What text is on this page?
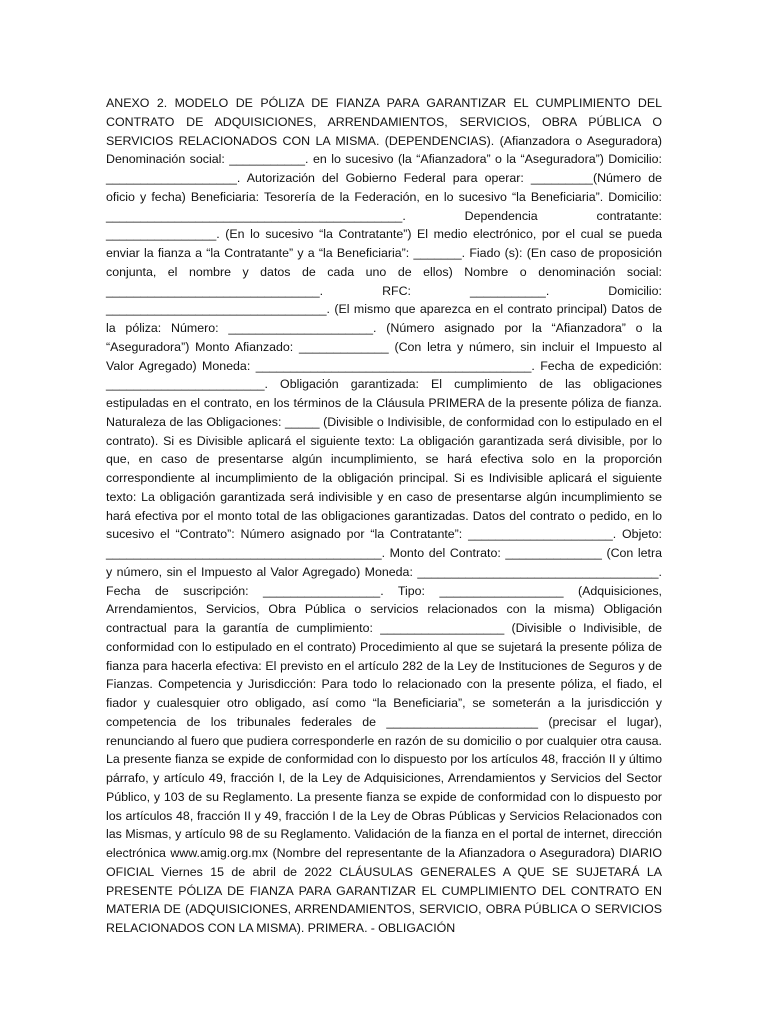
ANEXO 2. MODELO DE PÓLIZA DE FIANZA PARA GARANTIZAR EL CUMPLIMIENTO DEL CONTRATO DE ADQUISICIONES, ARRENDAMIENTOS, SERVICIOS, OBRA PÚBLICA O SERVICIOS RELACIONADOS CON LA MISMA. (DEPENDENCIAS). (Afianzadora o Aseguradora) Denominación social: ___________. en lo sucesivo (la “Afianzadora” o la “Aseguradora”) Domicilio: ___________________. Autorización del Gobierno Federal para operar: _________(Número de oficio y fecha) Beneficiaria: Tesorería de la Federación, en lo sucesivo “la Beneficiaria”. Domicilio: ___________________________________________. Dependencia contratante: ________________. (En lo sucesivo “la Contratante”) El medio electrónico, por el cual se pueda enviar la fianza a “la Contratante” y a “la Beneficiaria”: _______. Fiado (s): (En caso de proposición conjunta, el nombre y datos de cada uno de ellos) Nombre o denominación social: _______________________________. RFC: ___________. Domicilio: ________________________________. (El mismo que aparezca en el contrato principal) Datos de la póliza: Número: _____________________. (Número asignado por la “Afianzadora” o la “Aseguradora”) Monto Afianzado: _____________ (Con letra y número, sin incluir el Impuesto al Valor Agregado) Moneda: ________________________________________. Fecha de expedición: _______________________. Obligación garantizada: El cumplimiento de las obligaciones estipuladas en el contrato, en los términos de la Cláusula PRIMERA de la presente póliza de fianza. Naturaleza de las Obligaciones: _____ (Divisible o Indivisible, de conformidad con lo estipulado en el contrato). Si es Divisible aplicará el siguiente texto: La obligación garantizada será divisible, por lo que, en caso de presentarse algún incumplimiento, se hará efectiva solo en la proporción correspondiente al incumplimiento de la obligación principal. Si es Indivisible aplicará el siguiente texto: La obligación garantizada será indivisible y en caso de presentarse algún incumplimiento se hará efectiva por el monto total de las obligaciones garantizadas. Datos del contrato o pedido, en lo sucesivo el “Contrato”: Número asignado por “la Contratante”: _____________________. Objeto: ________________________________________. Monto del Contrato: ______________ (Con letra y número, sin el Impuesto al Valor Agregado) Moneda: ___________________________________. Fecha de suscripción: _________________. Tipo: __________________ (Adquisiciones, Arrendamientos, Servicios, Obra Pública o servicios relacionados con la misma) Obligación contractual para la garantía de cumplimiento: __________________ (Divisible o Indivisible, de conformidad con lo estipulado en el contrato) Procedimiento al que se sujetará la presente póliza de fianza para hacerla efectiva: El previsto en el artículo 282 de la Ley de Instituciones de Seguros y de Fianzas. Competencia y Jurisdicción: Para todo lo relacionado con la presente póliza, el fiado, el fiador y cualesquier otro obligado, así como “la Beneficiaria”, se someterán a la jurisdicción y competencia de los tribunales federales de ______________________ (precisar el lugar), renunciando al fuero que pudiera corresponderle en razón de su domicilio o por cualquier otra causa. La presente fianza se expide de conformidad con lo dispuesto por los artículos 48, fracción II y último párrafo, y artículo 49, fracción I, de la Ley de Adquisiciones, Arrendamientos y Servicios del Sector Público, y 103 de su Reglamento. La presente fianza se expide de conformidad con lo dispuesto por los artículos 48, fracción II y 49, fracción I de la Ley de Obras Públicas y Servicios Relacionados con las Mismas, y artículo 98 de su Reglamento. Validación de la fianza en el portal de internet, dirección electrónica www.amig.org.mx (Nombre del representante de la Afianzadora o Aseguradora) DIARIO OFICIAL Viernes 15 de abril de 2022 CLÁUSULAS GENERALES A QUE SE SUJETARÁ LA PRESENTE PÓLIZA DE FIANZA PARA GARANTIZAR EL CUMPLIMIENTO DEL CONTRATO EN MATERIA DE (ADQUISICIONES, ARRENDAMIENTOS, SERVICIO, OBRA PÚBLICA O SERVICIOS RELACIONADOS CON LA MISMA). PRIMERA. - OBLIGACIÓN
